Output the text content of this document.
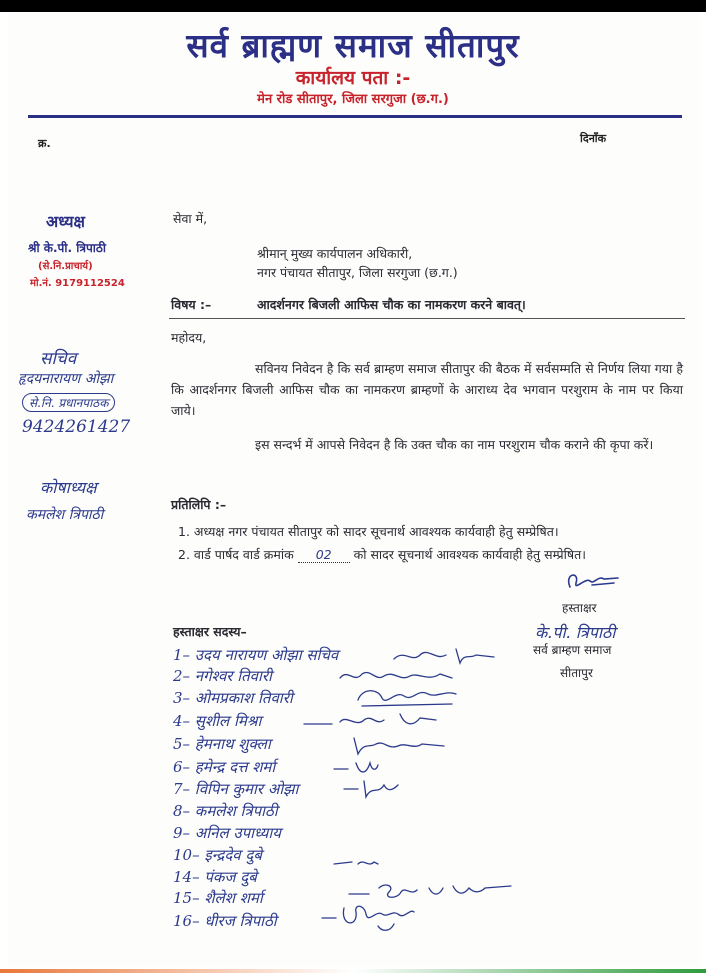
सर्व ब्राह्मण समाज सीतापुर
कार्यालय पता :-
मेन रोड सीतापुर, जिला सरगुजा (छ.ग.)
क्र.	दिनाँक
अध्यक्ष
श्री के.पी. त्रिपाठी
(से.नि.प्राचार्य)
मो.नं. 9179112524
सचिव
हृदयनारायण ओझा
से.नि. प्रधानपाठक
9424261427
कोषाध्यक्ष
कमलेश त्रिपाठी
सेवा में,
श्रीमान् मुख्य कार्यपालन अधिकारी,
नगर पंचायत सीतापुर, जिला सरगुजा (छ.ग.)
विषय :–	आदर्शनगर बिजली आफिस चौक का नामकरण करने बावत्।
महोदय,
सविनय निवेदन है कि सर्व ब्राम्हण समाज सीतापुर की बैठक में सर्वसम्मति से निर्णय लिया गया है कि आदर्शनगर बिजली आफिस चौक का नामकरण ब्राम्हणों के आराध्य देव भगवान परशुराम के नाम पर किया जाये।
इस सन्दर्भ में आपसे निवेदन है कि उक्त चौक का नाम परशुराम चौक कराने की कृपा करें।
प्रतिलिपि :–
1. अध्यक्ष नगर पंचायत सीतापुर को सादर सूचनार्थ आवश्यक कार्यवाही हेतु सम्प्रेषित।
2. वार्ड पार्षद वार्ड क्रमांक 02 को सादर सूचनार्थ आवश्यक कार्यवाही हेतु सम्प्रेषित।
हस्ताक्षर
के.पी. त्रिपाठी
सर्व ब्राम्हण समाज
सीतापुर
हस्ताक्षर सदस्य–
1– उदय नारायण ओझा सचिव
2– नगेश्वर तिवारी
3– ओमप्रकाश तिवारी
4– सुशील मिश्रा
5– हेमनाथ शुक्ला
6– हमेन्द्र दत्त शर्मा
7– विपिन कुमार ओझा
8– कमलेश त्रिपाठी
9– अनिल उपाध्याय
10– इन्द्रदेव दुबे
14– पंकज दुबे
15– शैलेश शर्मा
16– धीरज त्रिपाठी
